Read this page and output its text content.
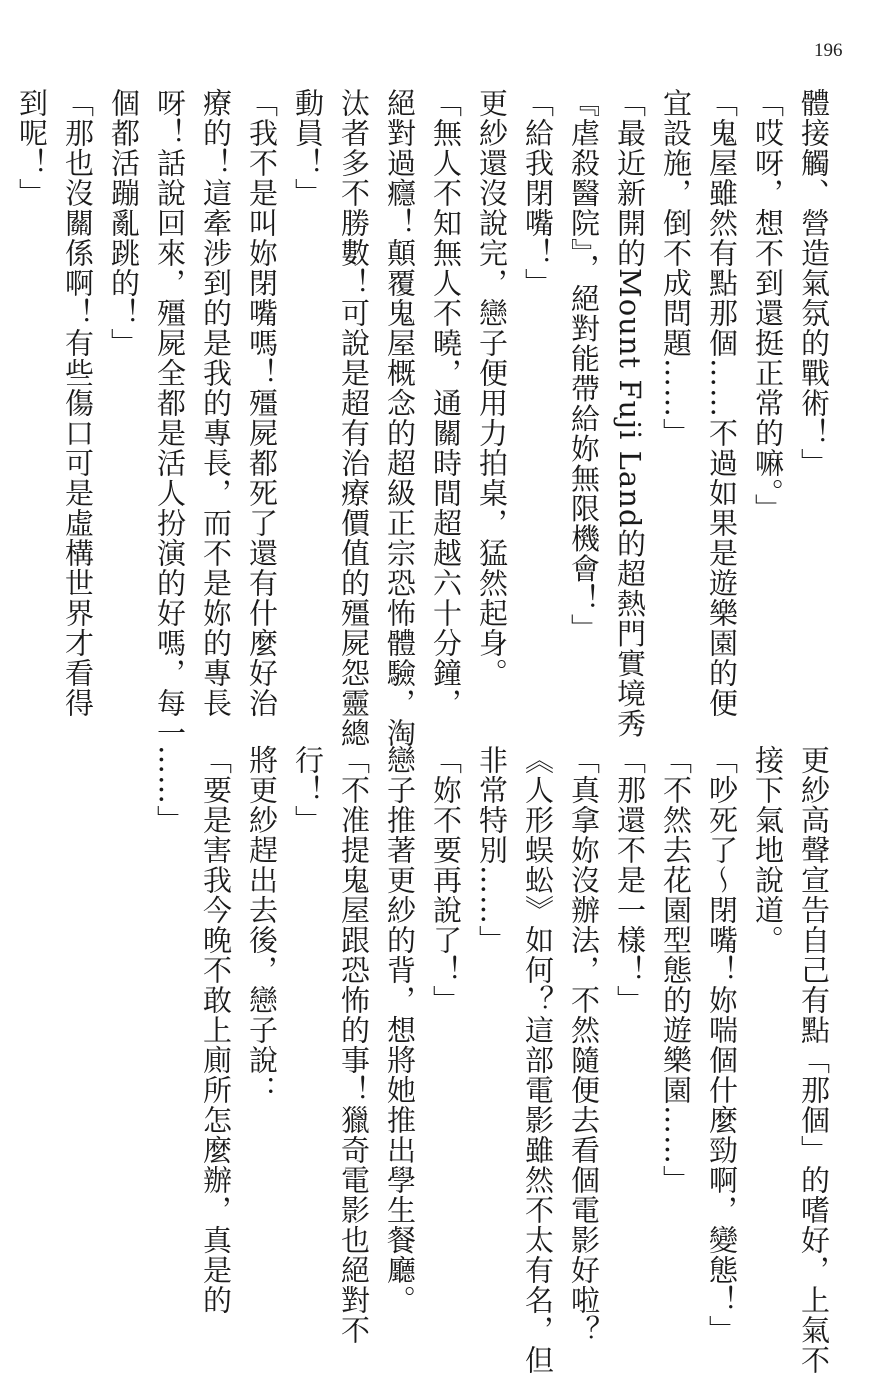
196
體接觸、營造氣氛的戰術！」
「哎呀，想不到還挺正常的嘛。」
「鬼屋雖然有點那個……不過如果是遊樂園的便
宜設施，倒不成問題……」
「最近新開的Mount Fuji Land的超熱門實境秀
『虐殺醫院』，絕對能帶給妳無限機會！」
「給我閉嘴！」
更紗還沒說完，戀子便用力拍桌，猛然起身。
「無人不知無人不曉，通關時間超越六十分鐘，
絕對過癮！顛覆鬼屋概念的超級正宗恐怖體驗，淘
汰者多不勝數！可說是超有治療價值的殭屍怨靈總
動員！」
「我不是叫妳閉嘴嗎！殭屍都死了還有什麼好治
療的！這牽涉到的是我的專長，而不是妳的專長
呀！話說回來，殭屍全都是活人扮演的好嗎，每一
個都活蹦亂跳的！」
「那也沒關係啊！有些傷口可是虛構世界才看得
到呢！」
更紗高聲宣告自己有點「那個」的嗜好，上氣不
接下氣地說道。
「吵死了～閉嘴！妳喘個什麼勁啊，變態！」
「不然去花園型態的遊樂園……」
「那還不是一樣！」
「真拿妳沒辦法，不然隨便去看個電影好啦？
《人形蜈蚣》如何？這部電影雖然不太有名，但
非常特別……」
「妳不要再說了！」
戀子推著更紗的背，想將她推出學生餐廳。
「不准提鬼屋跟恐怖的事！獵奇電影也絕對不
行！」
將更紗趕出去後，戀子說：
「要是害我今晚不敢上廁所怎麼辦，真是的
……」
